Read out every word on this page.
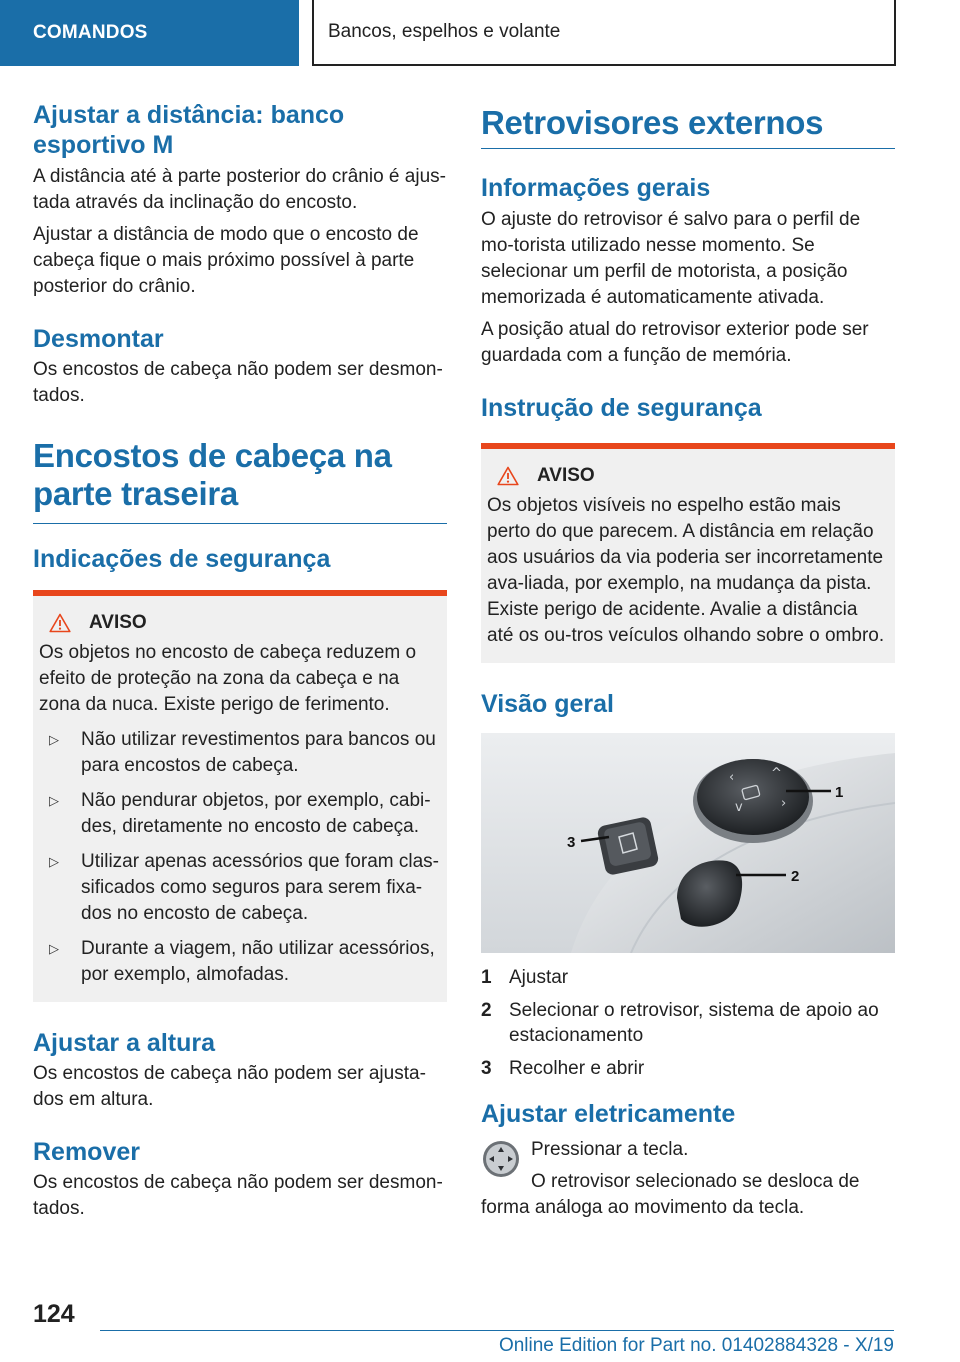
COMANDOS	Bancos, espelhos e volante
Ajustar a distância: banco esportivo M

A distância até à parte posterior do crânio é ajus-tada através da inclinação do encosto.

Ajustar a distância de modo que o encosto de cabeça fique o mais próximo possível à parte posterior do crânio.

Desmontar

Os encostos de cabeça não podem ser desmon-tados.

Encostos de cabeça na parte traseira
Indicações de segurança
AVISO

Os objetos no encosto de cabeça reduzem o efeito de proteção na zona da cabeça e na zona da nuca. Existe perigo de ferimento.

▷	Não utilizar revestimentos para bancos ou para encostos de cabeça.
▷	Não pendurar objetos, por exemplo, cabi-des, diretamente no encosto de cabeça.
▷	Utilizar apenas acessórios que foram clas-sificados como seguros para serem fixa-dos no encosto de cabeça.
▷	Durante a viagem, não utilizar acessórios, por exemplo, almofadas.
Ajustar a altura

Os encostos de cabeça não podem ser ajusta-dos em altura.

Remover

Os encostos de cabeça não podem ser desmon-tados.

Retrovisores externos
Informações gerais

O ajuste do retrovisor é salvo para o perfil de mo-torista utilizado nesse momento. Se selecionar um perfil de motorista, a posição memorizada é automaticamente ativada.

A posição atual do retrovisor exterior pode ser guardada com a função de memória.

Instrução de segurança
AVISO

Os objetos visíveis no espelho estão mais perto do que parecem. A distância em relação aos usuários da via poderia ser incorretamente ava-liada, por exemplo, na mudança da pista. Existe perigo de acidente. Avalie a distância até os ou-tros veículos olhando sobre o ombro.

Visão geral
‹	^
v	›
1
2
3
1 Ajustar
2 Selecionar o retrovisor, sistema de apoio ao estacionamento
3 Recolher e abrir
Ajustar eletricamente

Pressionar a tecla.

O retrovisor selecionado se desloca de forma análoga ao movimento da tecla.

124
Online Edition for Part no. 01402884328 - X/19
